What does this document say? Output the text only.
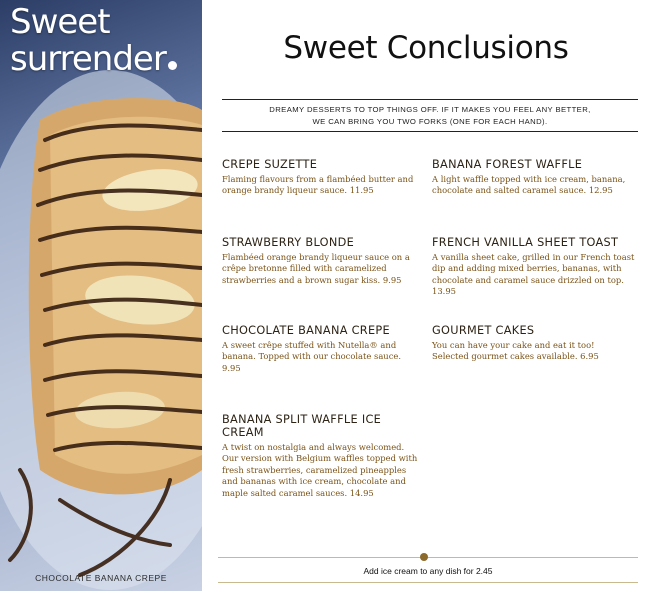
Sweet
surrender
CHOCOLATE BANANA CREPE
Sweet Conclusions
DREAMY DESSERTS TO TOP THINGS OFF. IF IT MAKES YOU FEEL ANY BETTER,
WE CAN BRING YOU TWO FORKS (ONE FOR EACH HAND).
CREPE SUZETTE
Flaming flavours from a flambéed butter and orange brandy liqueur sauce. 11.95
BANANA FOREST WAFFLE
A light waffle topped with ice cream, banana, chocolate and salted caramel sauce. 12.95
STRAWBERRY BLONDE
Flambéed orange brandy liqueur sauce on a crêpe bretonne filled with caramelized strawberries and a brown sugar kiss. 9.95
FRENCH VANILLA SHEET TOAST
A vanilla sheet cake, grilled in our French toast dip and adding mixed berries, bananas, with chocolate and caramel sauce drizzled on top. 13.95
CHOCOLATE BANANA CREPE
A sweet crêpe stuffed with Nutella® and banana. Topped with our chocolate sauce. 9.95
GOURMET CAKES
You can have your cake and eat it too! Selected gourmet cakes available. 6.95
BANANA SPLIT WAFFLE ICE CREAM
A twist on nostalgia and always welcomed. Our version with Belgium waffles topped with fresh strawberries, caramelized pineapples and bananas with ice cream, chocolate and maple salted caramel sauces. 14.95
Add ice cream to any dish for 2.45
